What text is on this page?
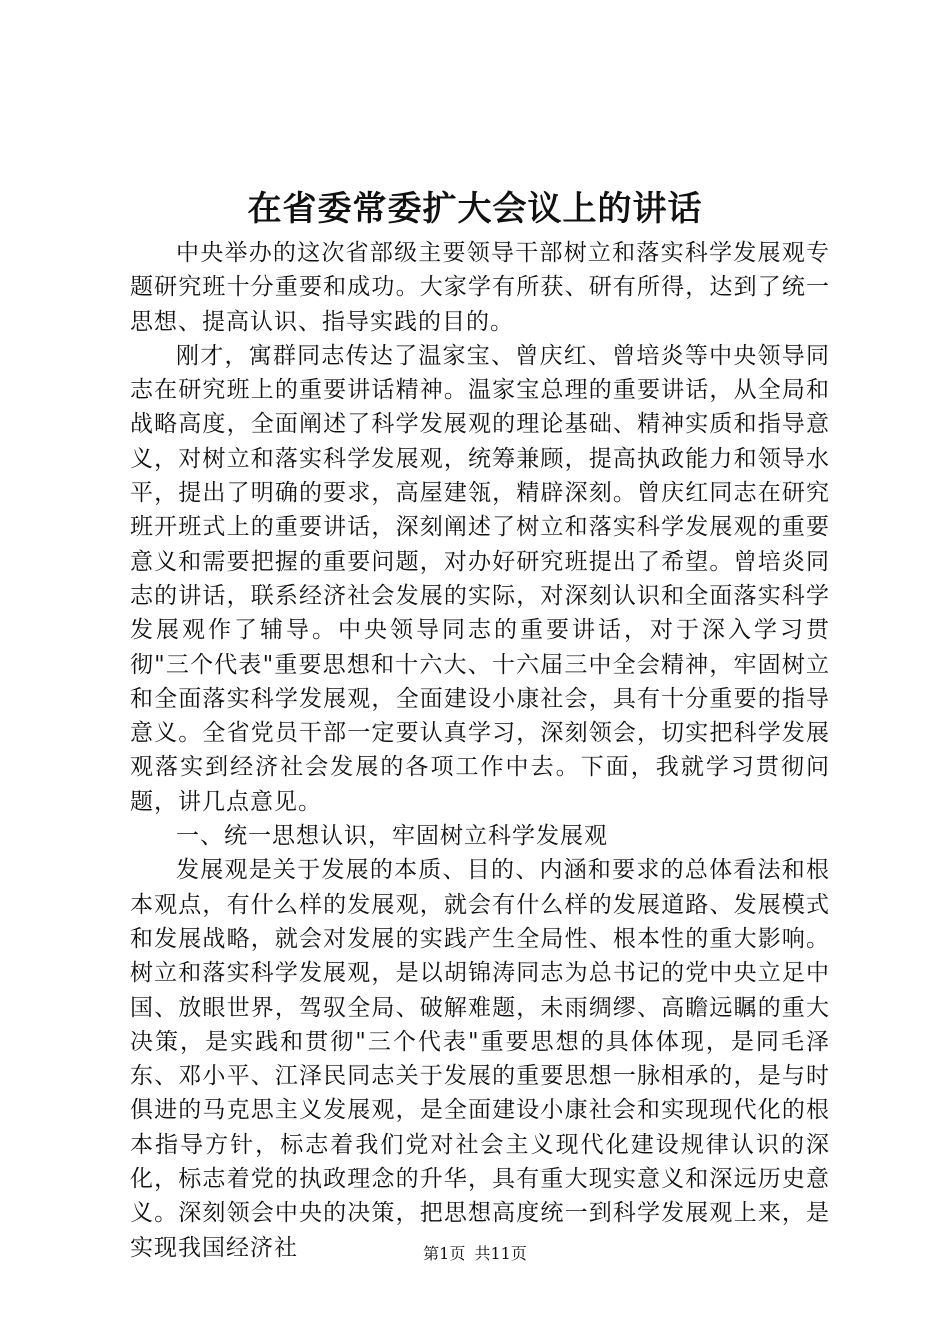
在省委常委扩大会议上的讲话

中央举办的这次省部级主要领导干部树立和落实科学发展观专题研究班十分重要和成功。大家学有所获、研有所得，达到了统一思想、提高认识、指导实践的目的。

刚才，寓群同志传达了温家宝、曾庆红、曾培炎等中央领导同志在研究班上的重要讲话精神。温家宝总理的重要讲话，从全局和战略高度，全面阐述了科学发展观的理论基础、精神实质和指导意义，对树立和落实科学发展观，统筹兼顾，提高执政能力和领导水平，提出了明确的要求，高屋建瓴，精辟深刻。曾庆红同志在研究班开班式上的重要讲话，深刻阐述了树立和落实科学发展观的重要意义和需要把握的重要问题，对办好研究班提出了希望。曾培炎同志的讲话，联系经济社会发展的实际，对深刻认识和全面落实科学发展观作了辅导。中央领导同志的重要讲话，对于深入学习贯彻"三个代表"重要思想和十六大、十六届三中全会精神，牢固树立和全面落实科学发展观，全面建设小康社会，具有十分重要的指导意义。全省党员干部一定要认真学习，深刻领会，切实把科学发展观落实到经济社会发展的各项工作中去。下面，我就学习贯彻问题，讲几点意见。

一、统一思想认识，牢固树立科学发展观

发展观是关于发展的本质、目的、内涵和要求的总体看法和根本观点，有什么样的发展观，就会有什么样的发展道路、发展模式和发展战略，就会对发展的实践产生全局性、根本性的重大影响。树立和落实科学发展观，是以胡锦涛同志为总书记的党中央立足中国、放眼世界，驾驭全局、破解难题，未雨绸缪、高瞻远瞩的重大决策，是实践和贯彻"三个代表"重要思想的具体体现，是同毛泽东、邓小平、江泽民同志关于发展的重要思想一脉相承的，是与时俱进的马克思主义发展观，是全面建设小康社会和实现现代化的根本指导方针，标志着我们党对社会主义现代化建设规律认识的深化，标志着党的执政理念的升华，具有重大现实意义和深远历史意义。深刻领会中央的决策，把思想高度统一到科学发展观上来，是实现我国经济社	第1页 共11页
